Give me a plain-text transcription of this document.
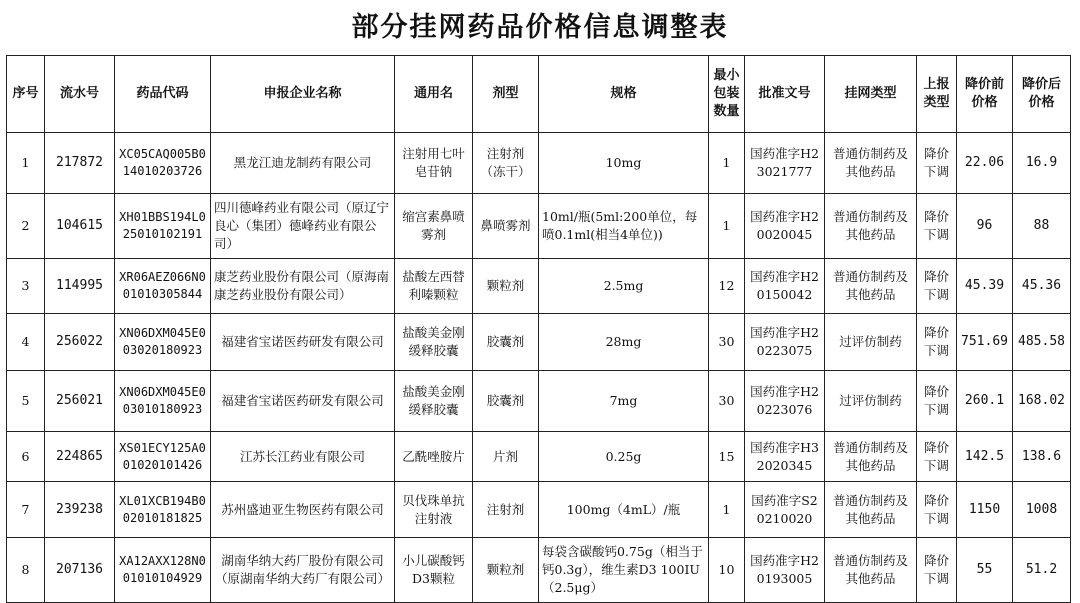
部分挂网药品价格信息调整表
序号	流水号	药品代码	申报企业名称	通用名	剂型	规格	最小包装数量	批准文号	挂网类型	上报类型	降价前价格	降价后价格
1	217872	XC05CAQ005B014010203726	黑龙江迪龙制药有限公司	注射用七叶皂苷钠	注射剂（冻干）	10mg	1	国药准字H23021777	普通仿制药及其他药品	降价下调	22.06	16.9
2	104615	XH01BBS194L025010102191	四川德峰药业有限公司（原辽宁良心（集团）德峰药业有限公司）	缩宫素鼻喷雾剂	鼻喷雾剂	10ml/瓶(5ml:200单位，每喷0.1ml(相当4单位))	1	国药准字H20020045	普通仿制药及其他药品	降价下调	96	88
3	114995	XR06AEZ066N001010305844	康芝药业股份有限公司（原海南康芝药业股份有限公司）	盐酸左西替利嗪颗粒	颗粒剂	2.5mg	12	国药准字H20150042	普通仿制药及其他药品	降价下调	45.39	45.36
4	256022	XN06DXM045E003020180923	福建省宝诺医药研发有限公司	盐酸美金刚缓释胶囊	胶囊剂	28mg	30	国药准字H20223075	过评仿制药	降价下调	751.69	485.58
5	256021	XN06DXM045E003010180923	福建省宝诺医药研发有限公司	盐酸美金刚缓释胶囊	胶囊剂	7mg	30	国药准字H20223076	过评仿制药	降价下调	260.1	168.02
6	224865	XS01ECY125A001020101426	江苏长江药业有限公司	乙酰唑胺片	片剂	0.25g	15	国药准字H32020345	普通仿制药及其他药品	降价下调	142.5	138.6
7	239238	XL01XCB194B002010181825	苏州盛迪亚生物医药有限公司	贝伐珠单抗注射液	注射剂	100mg（4mL）/瓶	1	国药准字S20210020	普通仿制药及其他药品	降价下调	1150	1008
8	207136	XA12AXX128N001010104929	湖南华纳大药厂股份有限公司（原湖南华纳大药厂有限公司）	小儿碳酸钙D3颗粒	颗粒剂	每袋含碳酸钙0.75g（相当于钙0.3g），维生素D3 100IU（2.5μg）	10	国药准字H20193005	普通仿制药及其他药品	降价下调	55	51.2
